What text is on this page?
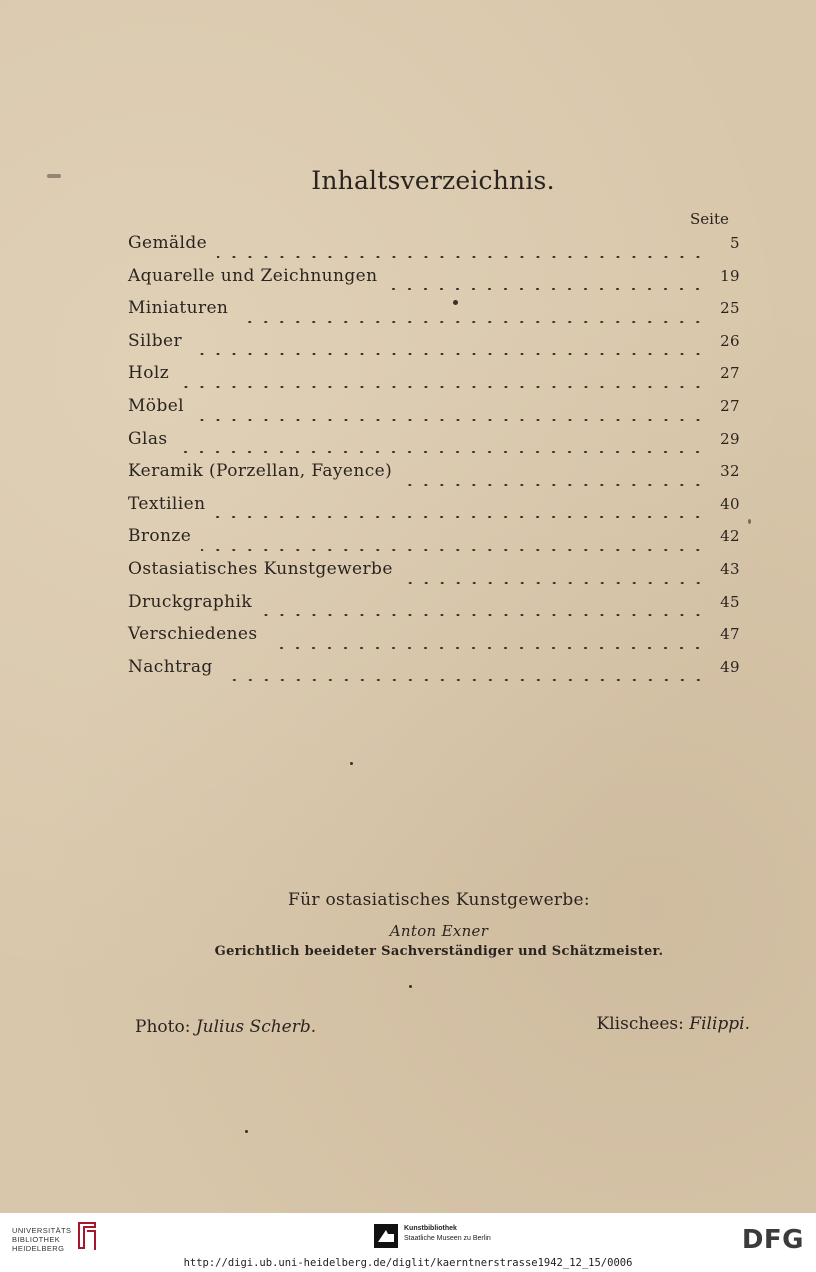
Inhaltsverzeichnis.
Seite
Gemälde	5
Aquarelle und Zeichnungen	19
Miniaturen	25
Silber	26
Holz	27
Möbel	27
Glas	29
Keramik (Porzellan, Fayence)	32
Textilien	40
Bronze	42
Ostasiatisches Kunstgewerbe	43
Druckgraphik	45
Verschiedenes	47
Nachtrag	49
Für ostasiatisches Kunstgewerbe:
Anton Exner
Gerichtlich beeideter Sachverständiger und Schätzmeister.
Photo: Julius Scherb.	Klischees: Filippi.
UNIVERSITÄTS
BIBLIOTHEK
HEIDELBERG
Kunstbibliothek
Staatliche Museen zu Berlin	DFG
http://digi.ub.uni-heidelberg.de/diglit/kaerntnerstrasse1942_12_15/0006
